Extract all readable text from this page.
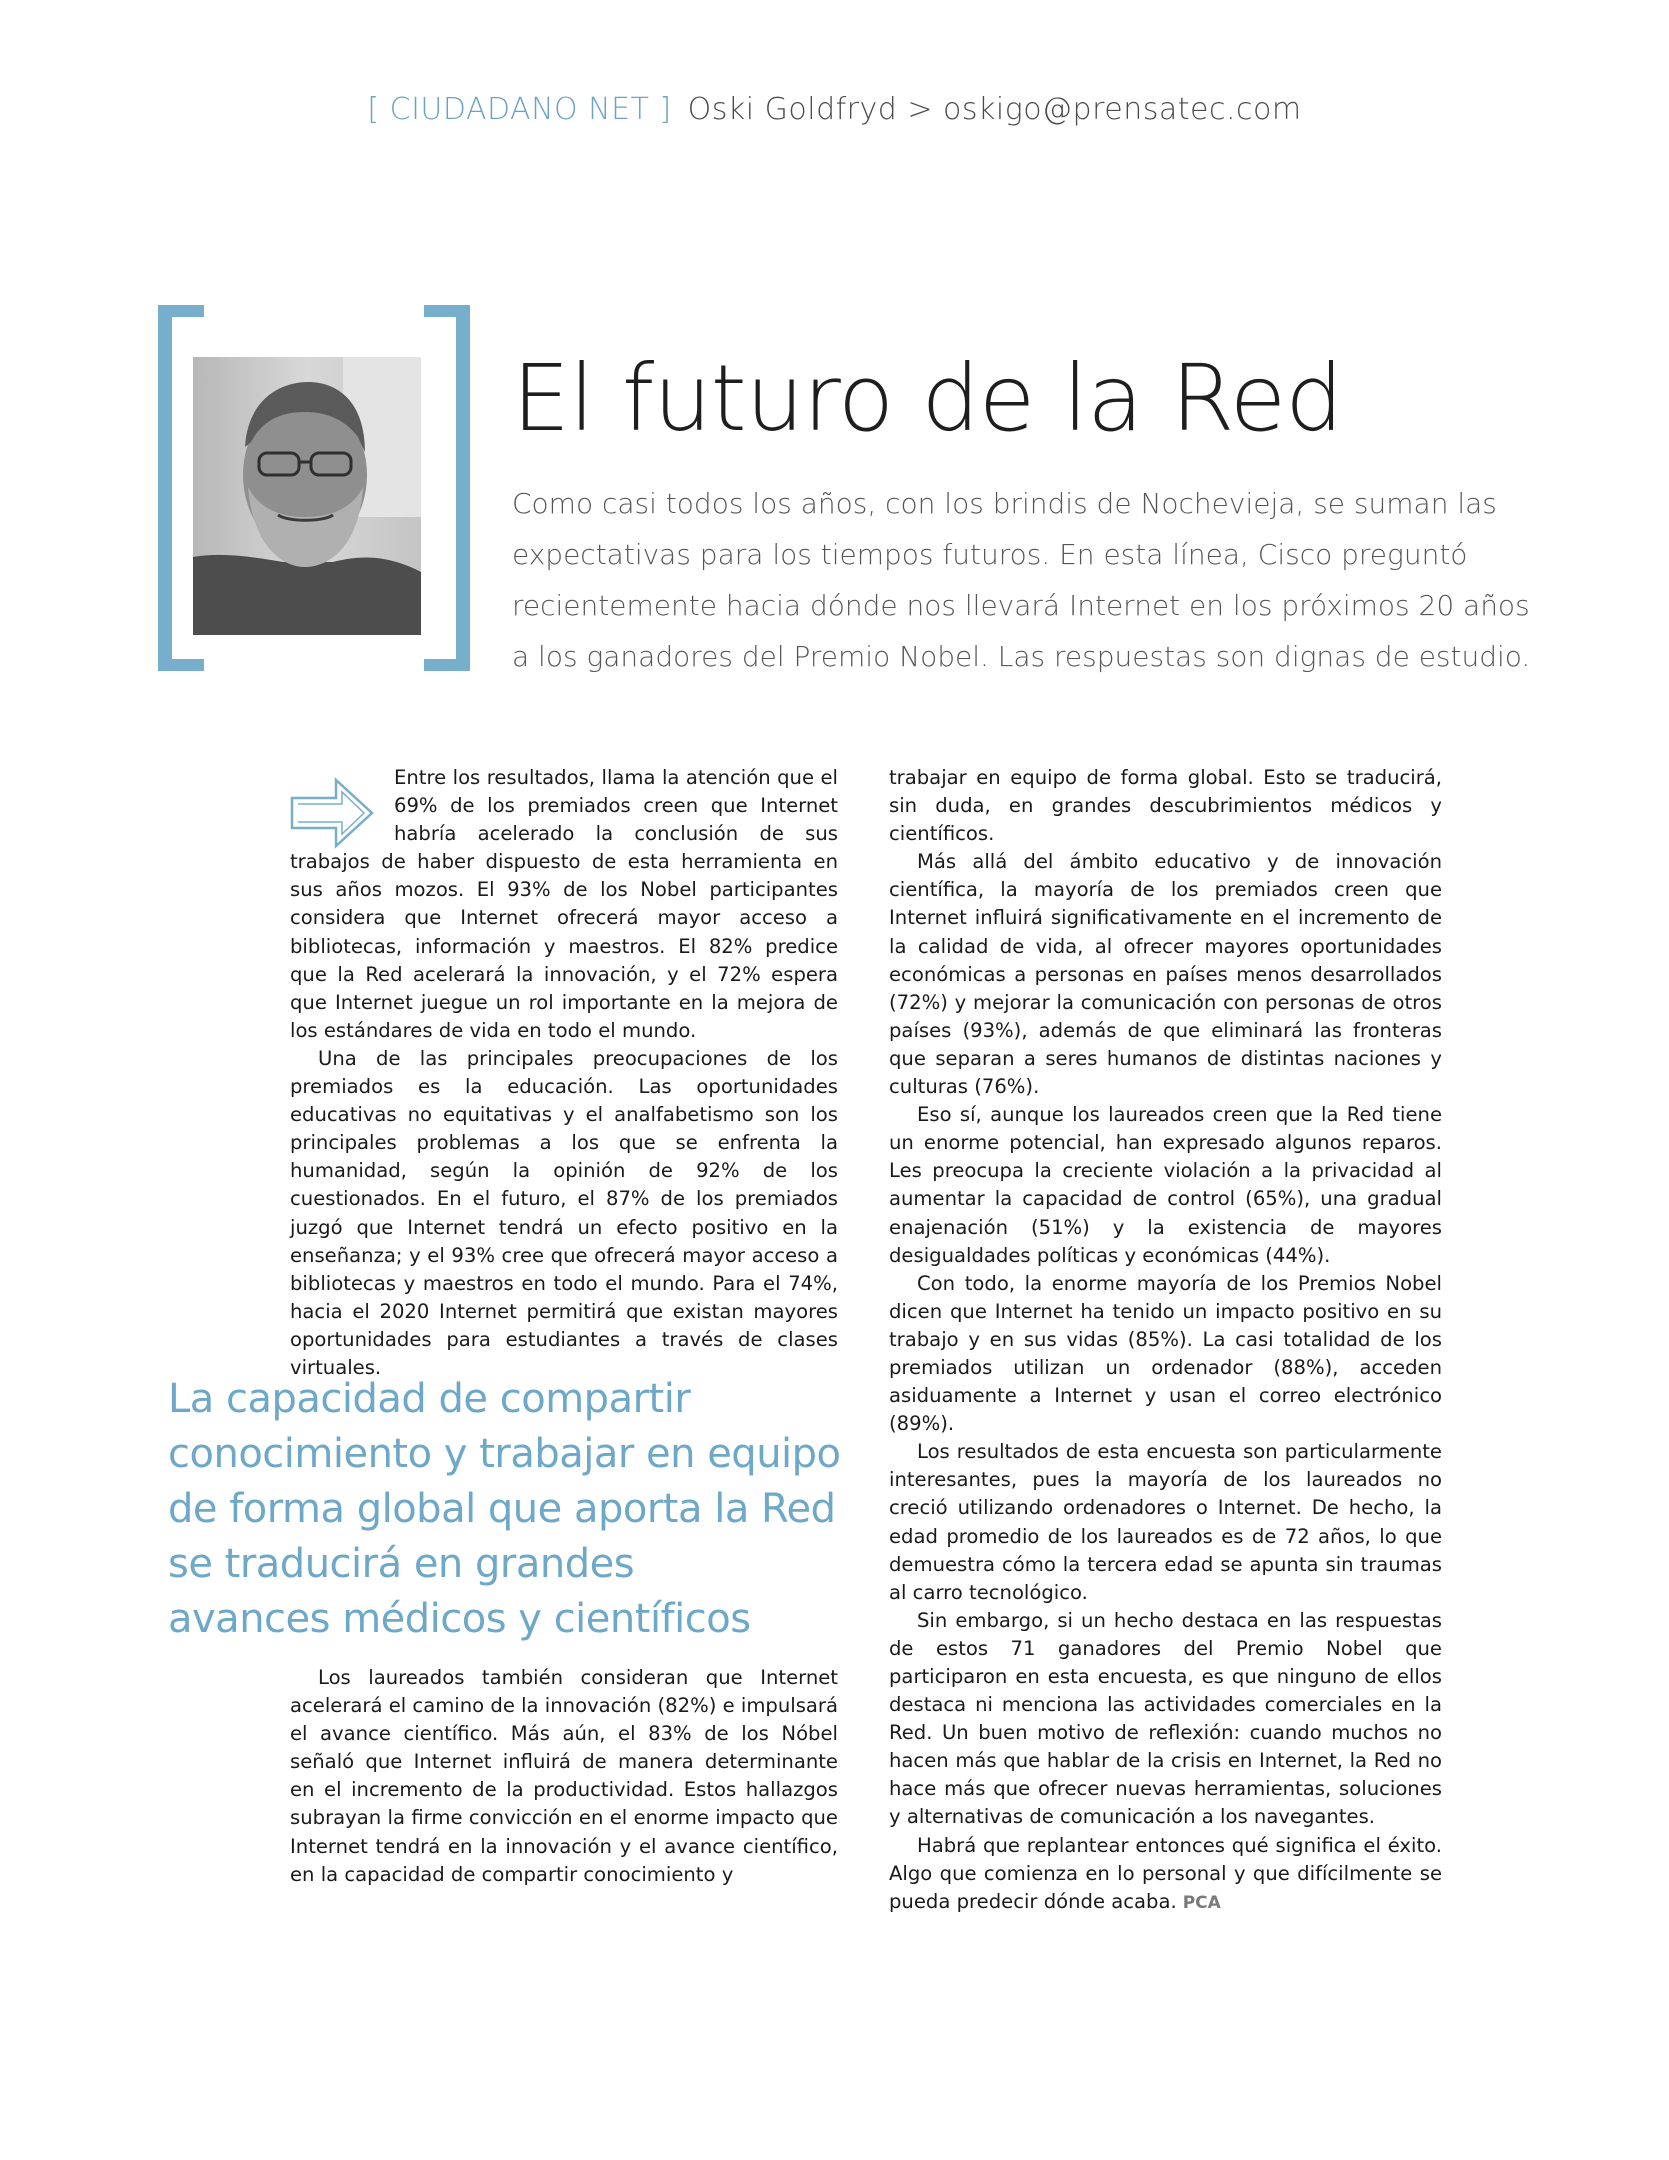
[ CIUDADANO NET ] Oski Goldfryd > oskigo@prensatec.com
El futuro de la Red

Como casi todos los años, con los brindis de Nochevieja, se suman las

expectativas para los tiempos futuros. En esta línea, Cisco preguntó

recientemente hacia dónde nos llevará Internet en los próximos 20 años

a los ganadores del Premio Nobel. Las respuestas son dignas de estudio.

Entre los resultados, llama la atención que el 69% de los premiados creen que Internet habría acelerado la conclusión de sus trabajos de haber dispuesto de esta herramienta en sus años mozos. El 93% de los Nobel participantes considera que Internet ofrecerá mayor acceso a bibliotecas, información y maestros. El 82% predice que la Red acelerará la innovación, y el 72% espera que Internet juegue un rol importante en la mejora de los estándares de vida en todo el mundo.

Una de las principales preocupaciones de los premiados es la educación. Las oportunidades educativas no equitativas y el analfabetismo son los principales problemas a los que se enfrenta la humanidad, según la opinión de 92% de los cuestionados. En el futuro, el 87% de los premiados juzgó que Internet tendrá un efecto positivo en la enseñanza; y el 93% cree que ofrecerá mayor acceso a bibliotecas y maestros en todo el mundo. Para el 74%, hacia el 2020 Internet permitirá que existan mayores oportunidades para estudiantes a través de clases virtuales.

La capacidad de compartir

conocimiento y trabajar en equipo

de forma global que aporta la Red

se traducirá en grandes

avances médicos y científicos

Los laureados también consideran que Internet acelerará el camino de la innovación (82%) e impulsará el avance científico. Más aún, el 83% de los Nóbel señaló que Internet influirá de manera determinante en el incremento de la productividad. Estos hallazgos subrayan la firme convicción en el enorme impacto que Internet tendrá en la innovación y el avance científico, en la capacidad de compartir conocimiento y

trabajar en equipo de forma global. Esto se traducirá, sin duda, en grandes descubrimientos médicos y científicos.

Más allá del ámbito educativo y de innovación científica, la mayoría de los premiados creen que Internet influirá significativamente en el incremento de la calidad de vida, al ofrecer mayores oportunidades económicas a personas en países menos desarrollados (72%) y mejorar la comunicación con personas de otros países (93%), además de que eliminará las fronteras que separan a seres humanos de distintas naciones y culturas (76%).

Eso sí, aunque los laureados creen que la Red tiene un enorme potencial, han expresado algunos reparos. Les preocupa la creciente violación a la privacidad al aumentar la capacidad de control (65%), una gradual enajenación (51%) y la existencia de mayores desigualdades políticas y económicas (44%).

Con todo, la enorme mayoría de los Premios Nobel dicen que Internet ha tenido un impacto positivo en su trabajo y en sus vidas (85%). La casi totalidad de los premiados utilizan un ordenador (88%), acceden asiduamente a Internet y usan el correo electrónico (89%).

Los resultados de esta encuesta son particularmente interesantes, pues la mayoría de los laureados no creció utilizando ordenadores o Internet. De hecho, la edad promedio de los laureados es de 72 años, lo que demuestra cómo la tercera edad se apunta sin traumas al carro tecnológico.

Sin embargo, si un hecho destaca en las respuestas de estos 71 ganadores del Premio Nobel que participaron en esta encuesta, es que ninguno de ellos destaca ni menciona las actividades comerciales en la Red. Un buen motivo de reflexión: cuando muchos no hacen más que hablar de la crisis en Internet, la Red no hace más que ofrecer nuevas herramientas, soluciones y alternativas de comunicación a los navegantes.

Habrá que replantear entonces qué significa el éxito. Algo que comienza en lo personal y que difícilmente se pueda predecir dónde acaba. PCA
